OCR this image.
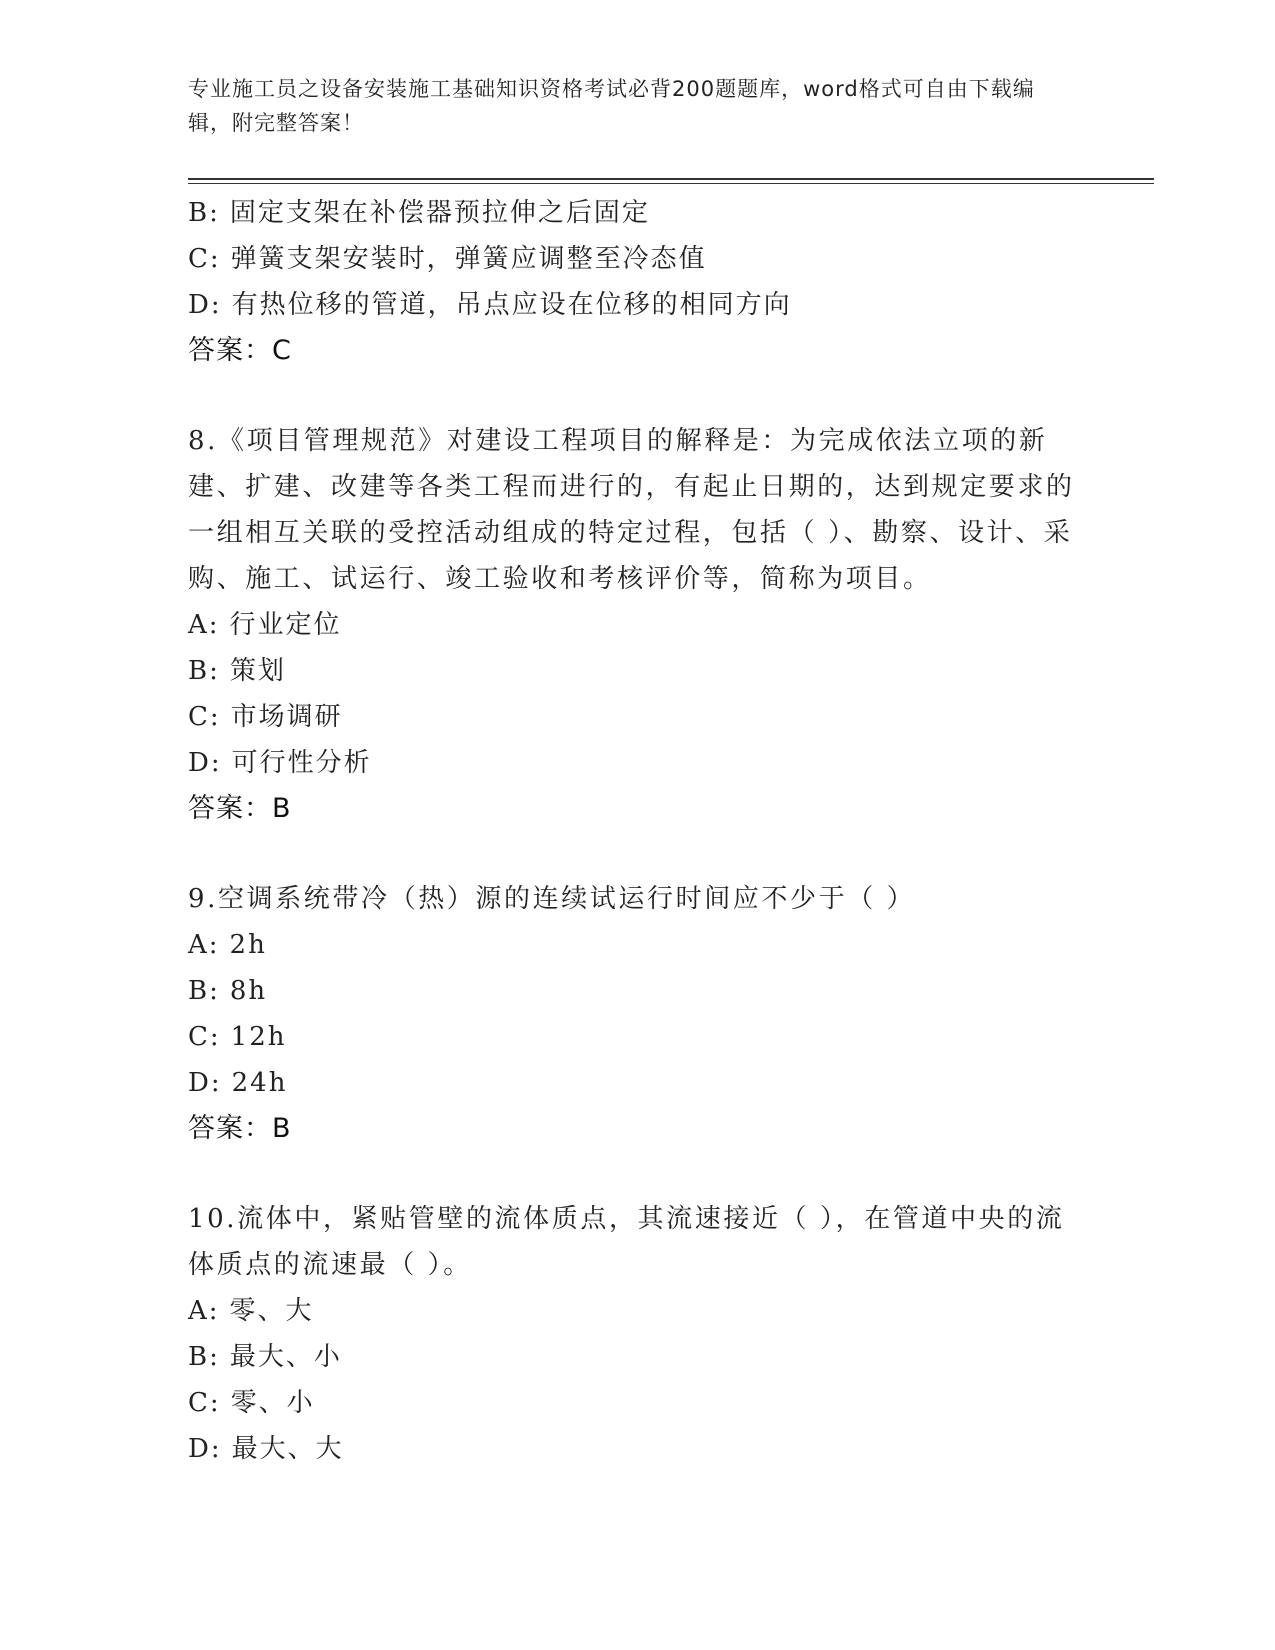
专业施工员之设备安装施工基础知识资格考试必背200题题库，word格式可自由下载编辑，附完整答案！
B: 固定支架在补偿器预拉伸之后固定
C: 弹簧支架安装时，弹簧应调整至冷态值
D: 有热位移的管道，吊点应设在位移的相同方向
答案：C
8.《项目管理规范》对建设工程项目的解释是：为完成依法立项的新建、扩建、改建等各类工程而进行的，有起止日期的，达到规定要求的一组相互关联的受控活动组成的特定过程，包括（ ）、勘察、设计、采购、施工、试运行、竣工验收和考核评价等，简称为项目。
A: 行业定位
B: 策划
C: 市场调研
D: 可行性分析
答案：B
9.空调系统带冷（热）源的连续试运行时间应不少于（ ）
A: 2h
B: 8h
C: 12h
D: 24h
答案：B
10.流体中，紧贴管壁的流体质点，其流速接近（ ），在管道中央的流体质点的流速最（ ）。
A: 零、大
B: 最大、小
C: 零、小
D: 最大、大
